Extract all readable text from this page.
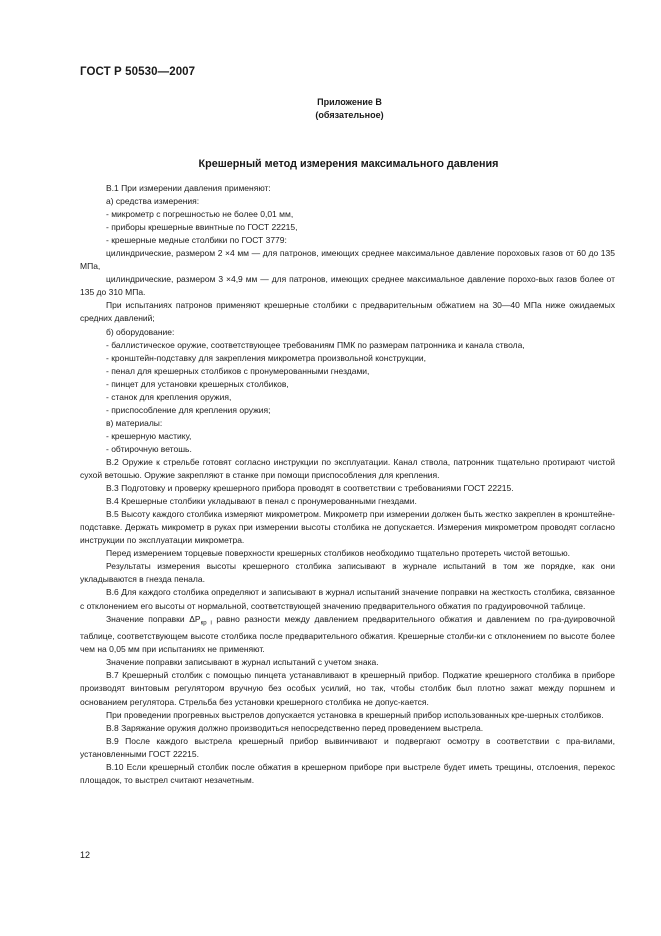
ГОСТ Р 50530—2007
Приложение В
(обязательное)
Крешерный метод измерения максимального давления

В.1 При измерении давления применяют:

а) средства измерения:

- микрометр с погрешностью не более 0,01 мм,

- приборы крешерные ввинтные по ГОСТ 22215,

- крешерные медные столбики по ГОСТ 3779:

цилиндрические, размером 2 ×4 мм — для патронов, имеющих среднее максимальное давление пороховых газов от 60 до 135 МПа,

цилиндрические, размером 3 ×4,9 мм — для патронов, имеющих среднее максимальное давление порохо-вых газов более от 135 до 310 МПа.

При испытаниях патронов применяют крешерные столбики с предварительным обжатием на 30—40 МПа ниже ожидаемых средних давлений;

б) оборудование:

- баллистическое оружие, соответствующее требованиям ПМК по размерам патронника и канала ствола,

- кронштейн-подставку для закрепления микрометра произвольной конструкции,

- пенал для крешерных столбиков с пронумерованными гнездами,

- пинцет для установки крешерных столбиков,

- станок для крепления оружия,

- приспособление для крепления оружия;

в) материалы:

- крешерную мастику,

- обтирочную ветошь.

В.2 Оружие к стрельбе готовят согласно инструкции по эксплуатации. Канал ствола, патронник тщательно протирают чистой сухой ветошью. Оружие закрепляют в станке при помощи приспособления для крепления.

В.3 Подготовку и проверку крешерного прибора проводят в соответствии с требованиями ГОСТ 22215.

В.4 Крешерные столбики укладывают в пенал с пронумерованными гнездами.

В.5 Высоту каждого столбика измеряют микрометром. Микрометр при измерении должен быть жестко закреплен в кронштейне-подставке. Держать микрометр в руках при измерении высоты столбика не допускается. Измерения микрометром проводят согласно инструкции по эксплуатации микрометра.

Перед измерением торцевые поверхности крешерных столбиков необходимо тщательно протереть чистой ветошью.

Результаты измерения высоты крешерного столбика записывают в журнале испытаний в том же порядке, как они укладываются в гнезда пенала.

В.6 Для каждого столбика определяют и записывают в журнал испытаний значение поправки на жесткость столбика, связанное с отклонением его высоты от нормальной, соответствующей значению предварительного обжатия по градуировочной таблице.

Значение поправки $\Delta P_{кр i}$ равно разности между давлением предварительного обжатия и давлением по гра-дуировочной таблице, соответствующем высоте столбика после предварительного обжатия. Крешерные столби-ки с отклонением по высоте более чем на 0,05 мм при испытаниях не применяют.

Значение поправки записывают в журнал испытаний с учетом знака.

В.7 Крешерный столбик с помощью пинцета устанавливают в крешерный прибор. Поджатие крешерного столбика в приборе производят винтовым регулятором вручную без особых усилий, но так, чтобы столбик был плотно зажат между поршнем и основанием регулятора. Стрельба без установки крешерного столбика не допус-кается.

При проведении прогревных выстрелов допускается установка в крешерный прибор использованных кре-шерных столбиков.

В.8 Заряжание оружия должно производиться непосредственно перед проведением выстрела.

В.9 После каждого выстрела крешерный прибор вывинчивают и подвергают осмотру в соответствии с пра-вилами, установленными ГОСТ 22215.

В.10 Если крешерный столбик после обжатия в крешерном приборе при выстреле будет иметь трещины, отслоения, перекос площадок, то выстрел считают незачетным.

12
